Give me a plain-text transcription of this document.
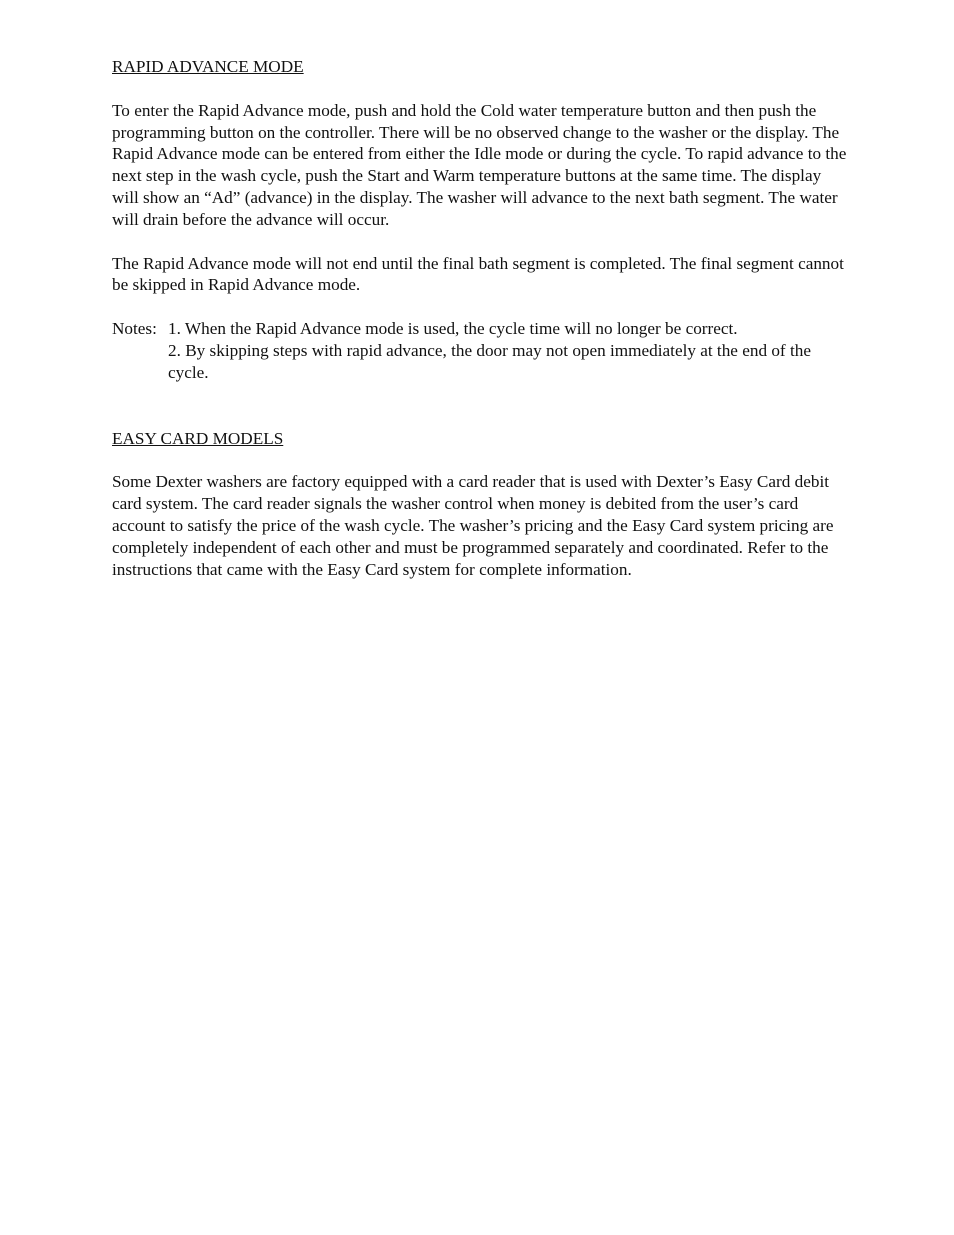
RAPID ADVANCE MODE

To enter the Rapid Advance mode, push and hold the Cold water temperature button and then push the programming button on the controller. There will be no observed change to the washer or the display. The Rapid Advance mode can be entered from either the Idle mode or during the cycle. To rapid advance to the next step in the wash cycle, push the Start and Warm temperature buttons at the same time. The display will show an “Ad” (advance) in the display. The washer will advance to the next bath segment. The water will drain before the advance will occur.

The Rapid Advance mode will not end until the final bath segment is completed. The final segment cannot be skipped in Rapid Advance mode.

Notes: 1. When the Rapid Advance mode is used, the cycle time will no longer be correct.

2. By skipping steps with rapid advance, the door may not open immediately at the end of the cycle.

EASY CARD MODELS

Some Dexter washers are factory equipped with a card reader that is used with Dexter’s Easy Card debit card system. The card reader signals the washer control when money is debited from the user’s card account to satisfy the price of the wash cycle. The washer’s pricing and the Easy Card system pricing are completely independent of each other and must be programmed separately and coordinated. Refer to the instructions that came with the Easy Card system for complete information.
